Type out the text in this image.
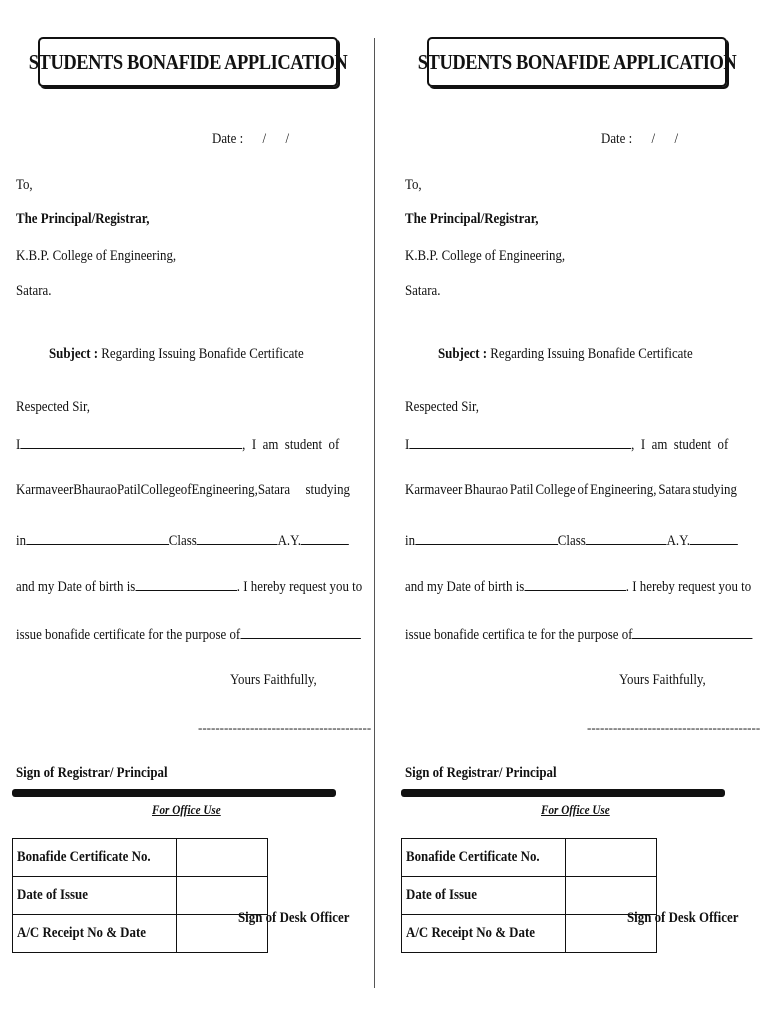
STUDENTS BONAFIDE APPLICATION
Date :      /      /
To,
The Principal/Registrar,
K.B.P. College of Engineering,
Satara.
Subject : Regarding Issuing Bonafide Certificate
Respected Sir,
I	,  I  am  student  of
Karmaveer Bhaurao Patil College of Engineering, Satara	studying
in	Class	A.Y.
and my Date of birth is	. I hereby request you to
issue bonafide certificate for the purpose of
Yours Faithfully,
----------------------------------------
Sign of Registrar/ Principal
For Office Use
Bonafide Certificate No.	
Date of Issue	
A/C Receipt No & Date	
Sign of Desk Officer
STUDENTS BONAFIDE APPLICATION
Date :      /      /
To,
The Principal/Registrar,
K.B.P. College of Engineering,
Satara.
Subject : Regarding Issuing Bonafide Certificate
Respected Sir,
I	,  I  am  student  of
Karmaveer Bhaurao Patil College of Engineering, Satara studying
in	Class	A.Y.
and my Date of birth is	. I hereby request you to
issue bonafide certifica te for the purpose of
Yours Faithfully,
----------------------------------------
Sign of Registrar/ Principal
For Office Use
Bonafide Certificate No.	
Date of Issue	
A/C Receipt No & Date	
Sign of Desk Officer
